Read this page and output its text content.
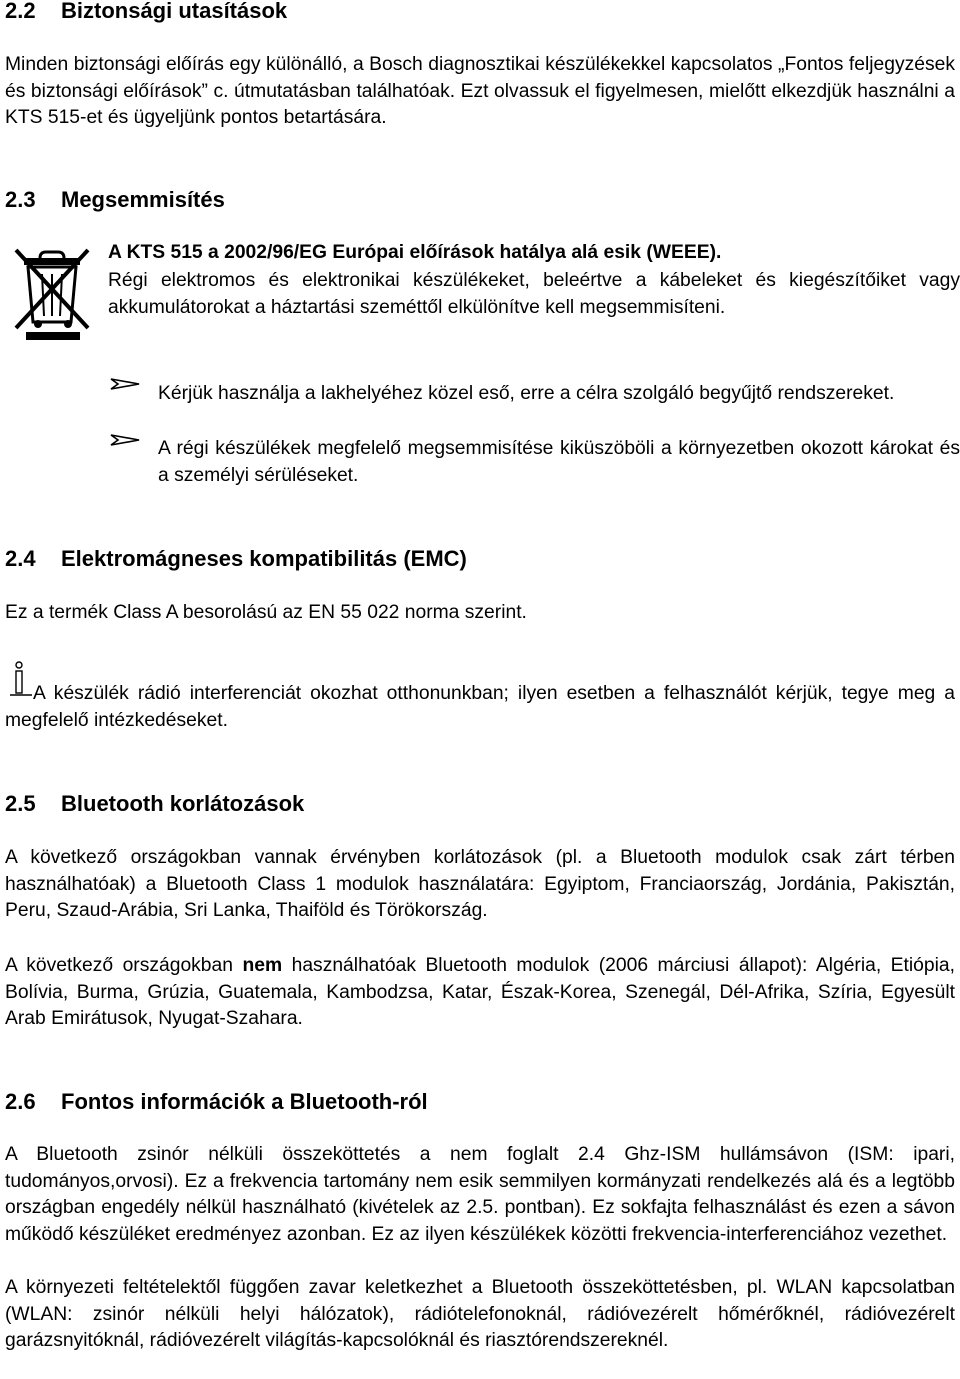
2.2 Biztonsági utasítások

Minden biztonsági előírás egy különálló, a Bosch diagnosztikai készülékekkel kapcsolatos „Fontos feljegyzések és biztonsági előírások” c. útmutatásban találhatóak. Ezt olvassuk el figyelmesen, mielőtt elkezdjük használni a KTS 515-et és ügyeljünk pontos betartására.

2.3 Megsemmisítés

A KTS 515 a 2002/96/EG Európai előírások hatálya alá esik (WEEE).

Régi elektromos és elektronikai készülékeket, beleértve a kábeleket és kiegészítőiket vagy akkumulátorokat a háztartási szeméttől elkülönítve kell megsemmisíteni.

Kérjük használja a lakhelyéhez közel eső, erre a célra szolgáló begyűjtő rendszereket.

A régi készülékek megfelelő megsemmisítése kiküszöböli a környezetben okozott károkat és a személyi sérüléseket.

2.4 Elektromágneses kompatibilitás (EMC)

Ez a termék Class A besorolású az EN 55 022 norma szerint.

A készülék rádió interferenciát okozhat otthonunkban; ilyen esetben a felhasználót kérjük, tegye meg a megfelelő intézkedéseket.

2.5 Bluetooth korlátozások

A következő országokban vannak érvényben korlátozások (pl. a Bluetooth modulok csak zárt térben használhatóak) a Bluetooth Class 1 modulok használatára: Egyiptom, Franciaország, Jordánia, Pakisztán, Peru, Szaud-Arábia, Sri Lanka, Thaiföld és Törökország.

A következő országokban nem használhatóak Bluetooth modulok (2006 márciusi állapot): Algéria, Etiópia, Bolívia, Burma, Grúzia, Guatemala, Kambodzsa, Katar, Észak-Korea, Szenegál, Dél-Afrika, Szíria, Egyesült Arab Emirátusok, Nyugat-Szahara.

2.6 Fontos információk a Bluetooth-ról

A Bluetooth zsinór nélküli összeköttetés a nem foglalt 2.4 Ghz-ISM hullámsávon (ISM: ipari, tudományos,orvosi). Ez a frekvencia tartomány nem esik semmilyen kormányzati rendelkezés alá és a legtöbb országban engedély nélkül használható (kivételek az 2.5. pontban). Ez sokfajta felhasználást és ezen a sávon működő készüléket eredményez azonban. Ez az ilyen készülékek közötti frekvencia-interferenciához vezethet.

A környezeti feltételektől függően zavar keletkezhet a Bluetooth összeköttetésben, pl. WLAN kapcsolatban (WLAN: zsinór nélküli helyi hálózatok), rádiótelefonoknál, rádióvezérelt hőmérőknél, rádióvezérelt garázsnyitóknál, rádióvezérelt világítás-kapcsolóknál és riasztórendszereknél.
